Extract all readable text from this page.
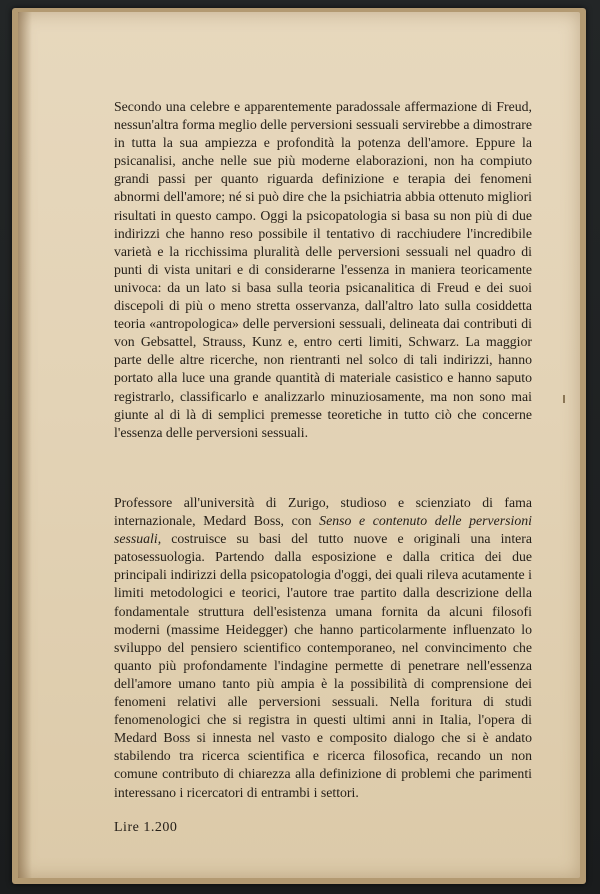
Secondo una celebre e apparentemente paradossale affermazione di Freud, nessun'altra forma meglio delle perversioni sessuali servirebbe a dimostrare in tutta la sua ampiezza e profondità la potenza dell'amore. Eppure la psicanalisi, anche nelle sue più moderne elaborazioni, non ha compiuto grandi passi per quanto riguarda definizione e terapia dei fenomeni abnormi dell'amore; né si può dire che la psichiatria abbia ottenuto migliori risultati in questo campo. Oggi la psicopatologia si basa su non più di due indirizzi che hanno reso possibile il tentativo di racchiudere l'incredibile varietà e la ricchissima pluralità delle perversioni sessuali nel quadro di punti di vista unitari e di considerarne l'essenza in maniera teoricamente univoca: da un lato si basa sulla teoria psicanalitica di Freud e dei suoi discepoli di più o meno stretta osservanza, dall'altro lato sulla cosiddetta teoria «antropologica» delle perversioni sessuali, delineata dai contributi di von Gebsattel, Strauss, Kunz e, entro certi limiti, Schwarz. La maggior parte delle altre ricerche, non rientranti nel solco di tali indirizzi, hanno portato alla luce una grande quantità di materiale casistico e hanno saputo registrarlo, classificarlo e analizzarlo minuziosamente, ma non sono mai giunte al di là di semplici premesse teoretiche in tutto ciò che concerne l'essenza delle perversioni sessuali.

Professore all'università di Zurigo, studioso e scienziato di fama internazionale, Medard Boss, con Senso e contenuto delle perversioni sessuali, costruisce su basi del tutto nuove e originali una intera patosessuologia. Partendo dalla esposizione e dalla critica dei due principali indirizzi della psicopatologia d'oggi, dei quali rileva acutamente i limiti metodologici e teorici, l'autore trae partito dalla descrizione della fondamentale struttura dell'esistenza umana fornita da alcuni filosofi moderni (massime Heidegger) che hanno particolarmente influenzato lo sviluppo del pensiero scientifico contemporaneo, nel convincimento che quanto più profondamente l'indagine permette di penetrare nell'essenza dell'amore umano tanto più ampia è la possibilità di comprensione dei fenomeni relativi alle perversioni sessuali. Nella foritura di studi fenomenologici che si registra in questi ultimi anni in Italia, l'opera di Medard Boss si innesta nel vasto e composito dialogo che si è andato stabilendo tra ricerca scientifica e ricerca filosofica, recando un non comune contributo di chiarezza alla definizione di problemi che parimenti interessano i ricercatori di entrambi i settori.

Lire 1.200
